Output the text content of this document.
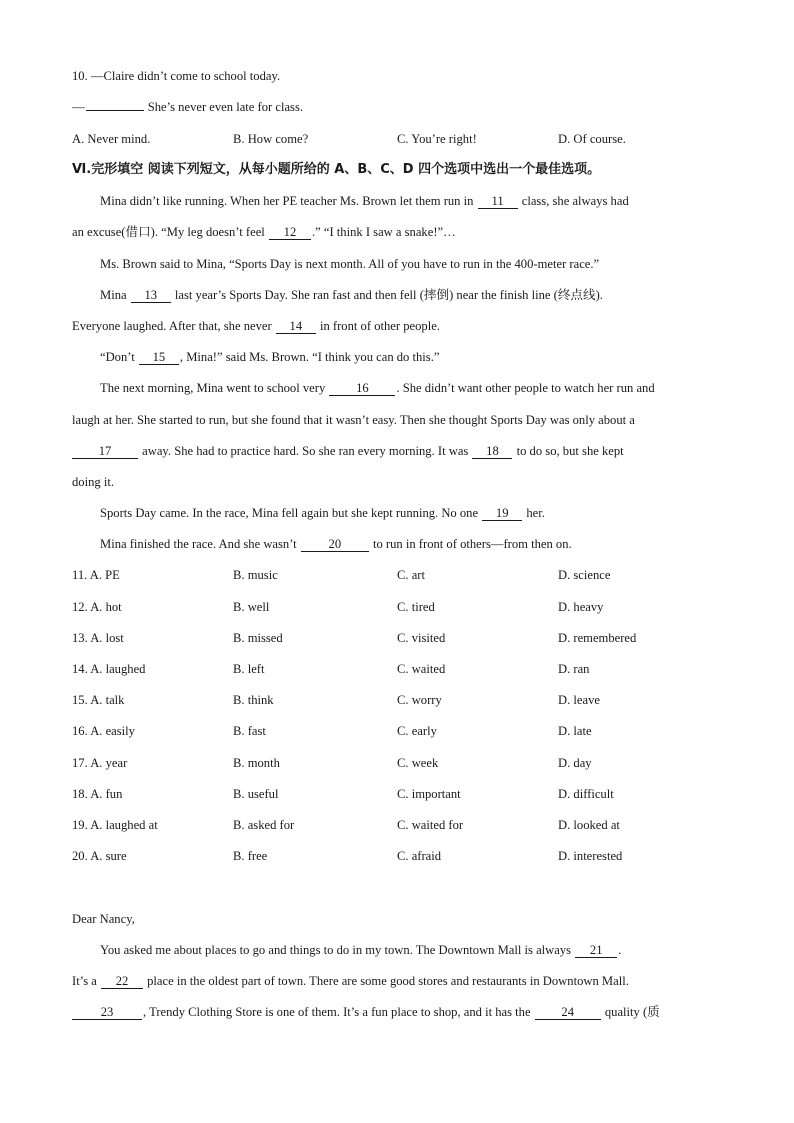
10. —Claire didn’t come to school today.
—	She’s never even late for class.
A. Never mind.	B. How come?	C. You’re right!	D. Of course.
Ⅵ.完形填空 阅读下列短文，从每小题所给的 A、B、C、D 四个选项中选出一个最佳选项。
Mina didn’t like running. When her PE teacher Ms. Brown let them run in 11 class, she always had
an excuse(借口). “My leg doesn’t feel 12 .” “I think I saw a snake!”…
Ms. Brown said to Mina, “Sports Day is next month. All of you have to run in the 400-meter race.”
Mina 13 last year’s Sports Day. She ran fast and then fell (摔倒) near the finish line (终点线).
Everyone laughed. After that, she never 14 in front of other people.
“Don’t 15 , Mina!” said Ms. Brown. “I think you can do this.”
The next morning, Mina went to school very 16 . She didn’t want other people to watch her run and
laugh at her. She started to run, but she found that it wasn’t easy. Then she thought Sports Day was only about a
17 away. She had to practice hard. So she ran every morning. It was 18 to do so, but she kept
doing it.
Sports Day came. In the race, Mina fell again but she kept running. No one 19 her.
Mina finished the race. And she wasn’t 20 to run in front of others—from then on.
11. A. PE	B. music	C. art	D. science
12. A. hot	B. well	C. tired	D. heavy
13. A. lost	B. missed	C. visited	D. remembered
14. A. laughed	B. left	C. waited	D. ran
15. A. talk	B. think	C. worry	D. leave
16. A. easily	B. fast	C. early	D. late
17. A. year	B. month	C. week	D. day
18. A. fun	B. useful	C. important	D. difficult
19. A. laughed at	B. asked for	C. waited for	D. looked at
20. A. sure	B. free	C. afraid	D. interested
Dear Nancy,
You asked me about places to go and things to do in my town. The Downtown Mall is always 21 .
It’s a 22 place in the oldest part of town. There are some good stores and restaurants in Downtown Mall.
23 , Trendy Clothing Store is one of them. It’s a fun place to shop, and it has the 24 quality (质
